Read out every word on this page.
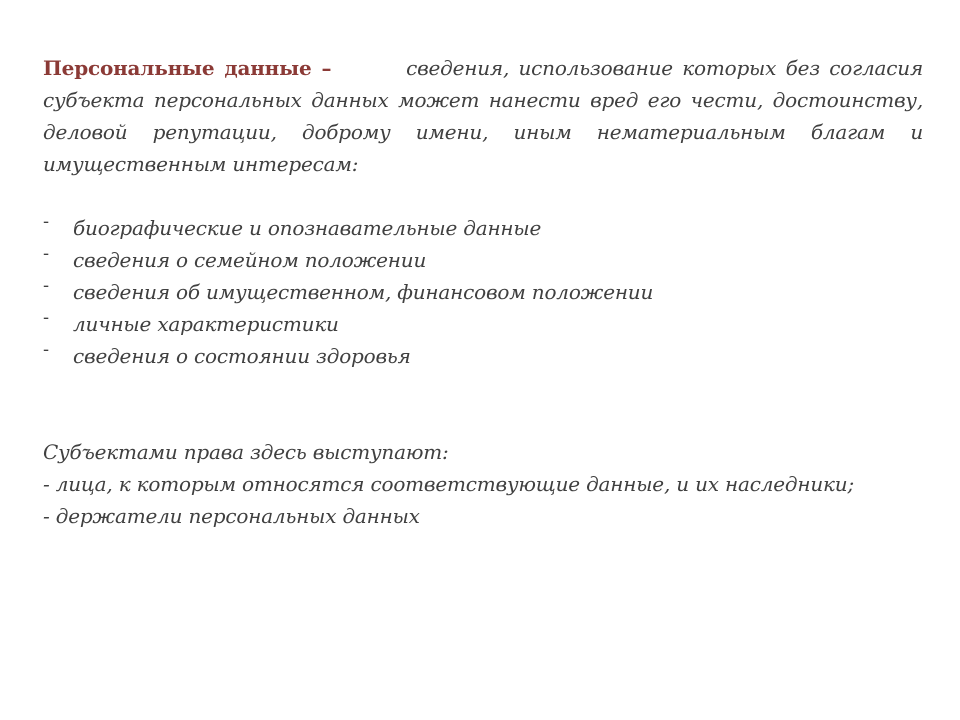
Персональные данные –	сведения, использование которых без согласия субъекта персональных данных может нанести вред его чести, достоинству, деловой репутации, доброму имени, иным нематериальным благам и имущественным интересам:

- биографические и опознавательные данные
- сведения о семейном положении
- сведения об имущественном, финансовом положении
- личные характеристики
- сведения о состоянии здоровья

Субъектами права здесь выступают:

- лица, к которым относятся соответствующие данные, и их наследники;

- держатели персональных данных
